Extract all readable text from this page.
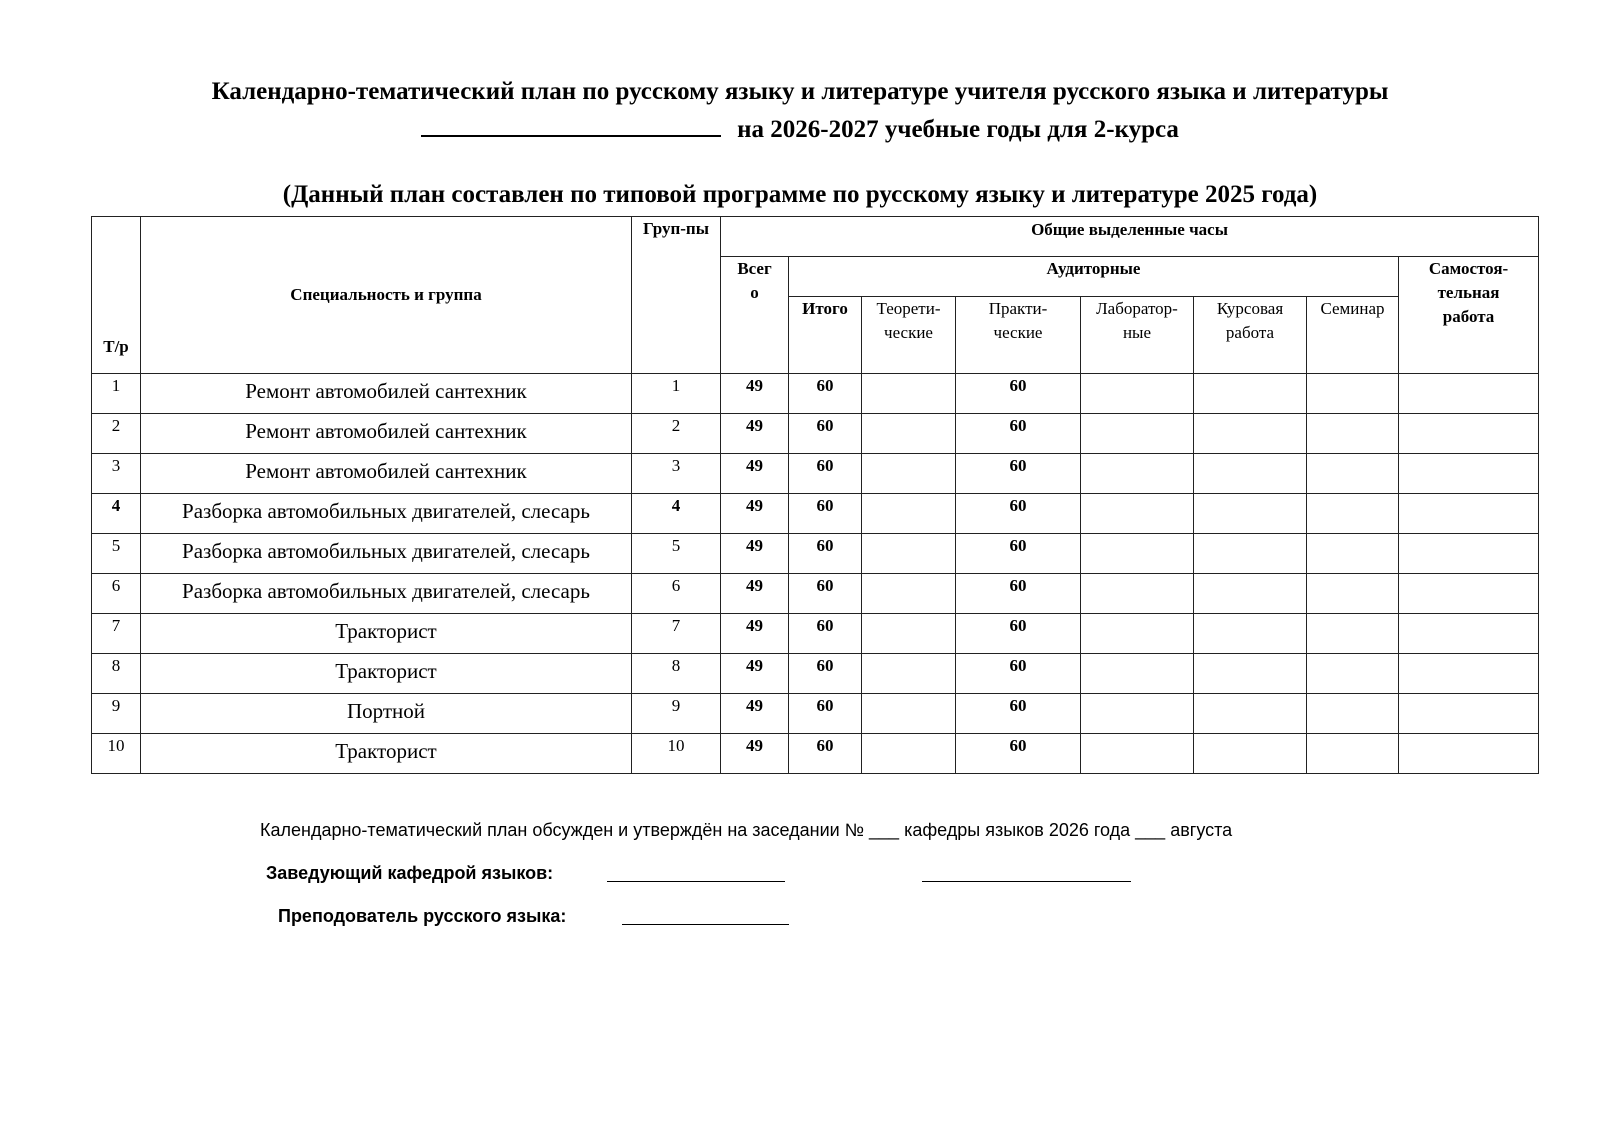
Календарно-тематический план по русскому языку и литературе учителя русского языка и литературы
на 2026-2027 учебные годы для 2-курса
(Данный план составлен по типовой программе по русскому языку и литературе 2025 года)
Т/р	Специальность и группа	Груп-пы	Общие выделенные часы							
			Всег о	Аудиторные						Самостоя-тельная работа
				Итого	Теорети-ческие	Практи-ческие	Лаборатор-ные	Курсовая работа	Семинар	
1	Ремонт автомобилей сантехник	1	49	60		60				
2	Ремонт автомобилей сантехник	2	49	60		60				
3	Ремонт автомобилей сантехник	3	49	60		60				
4	Разборка автомобильных двигателей, слесарь	4	49	60		60				
5	Разборка автомобильных двигателей, слесарь	5	49	60		60				
6	Разборка автомобильных двигателей, слесарь	6	49	60		60				
7	Тракторист	7	49	60		60				
8	Тракторист	8	49	60		60				
9	Портной	9	49	60		60				
10	Тракторист	10	49	60		60				
Календарно-тематический план обсужден и утверждён на заседании № ___ кафедры языков 2026 года ___ августа
Заведующий кафедрой языков:
Преподователь русского языка:
